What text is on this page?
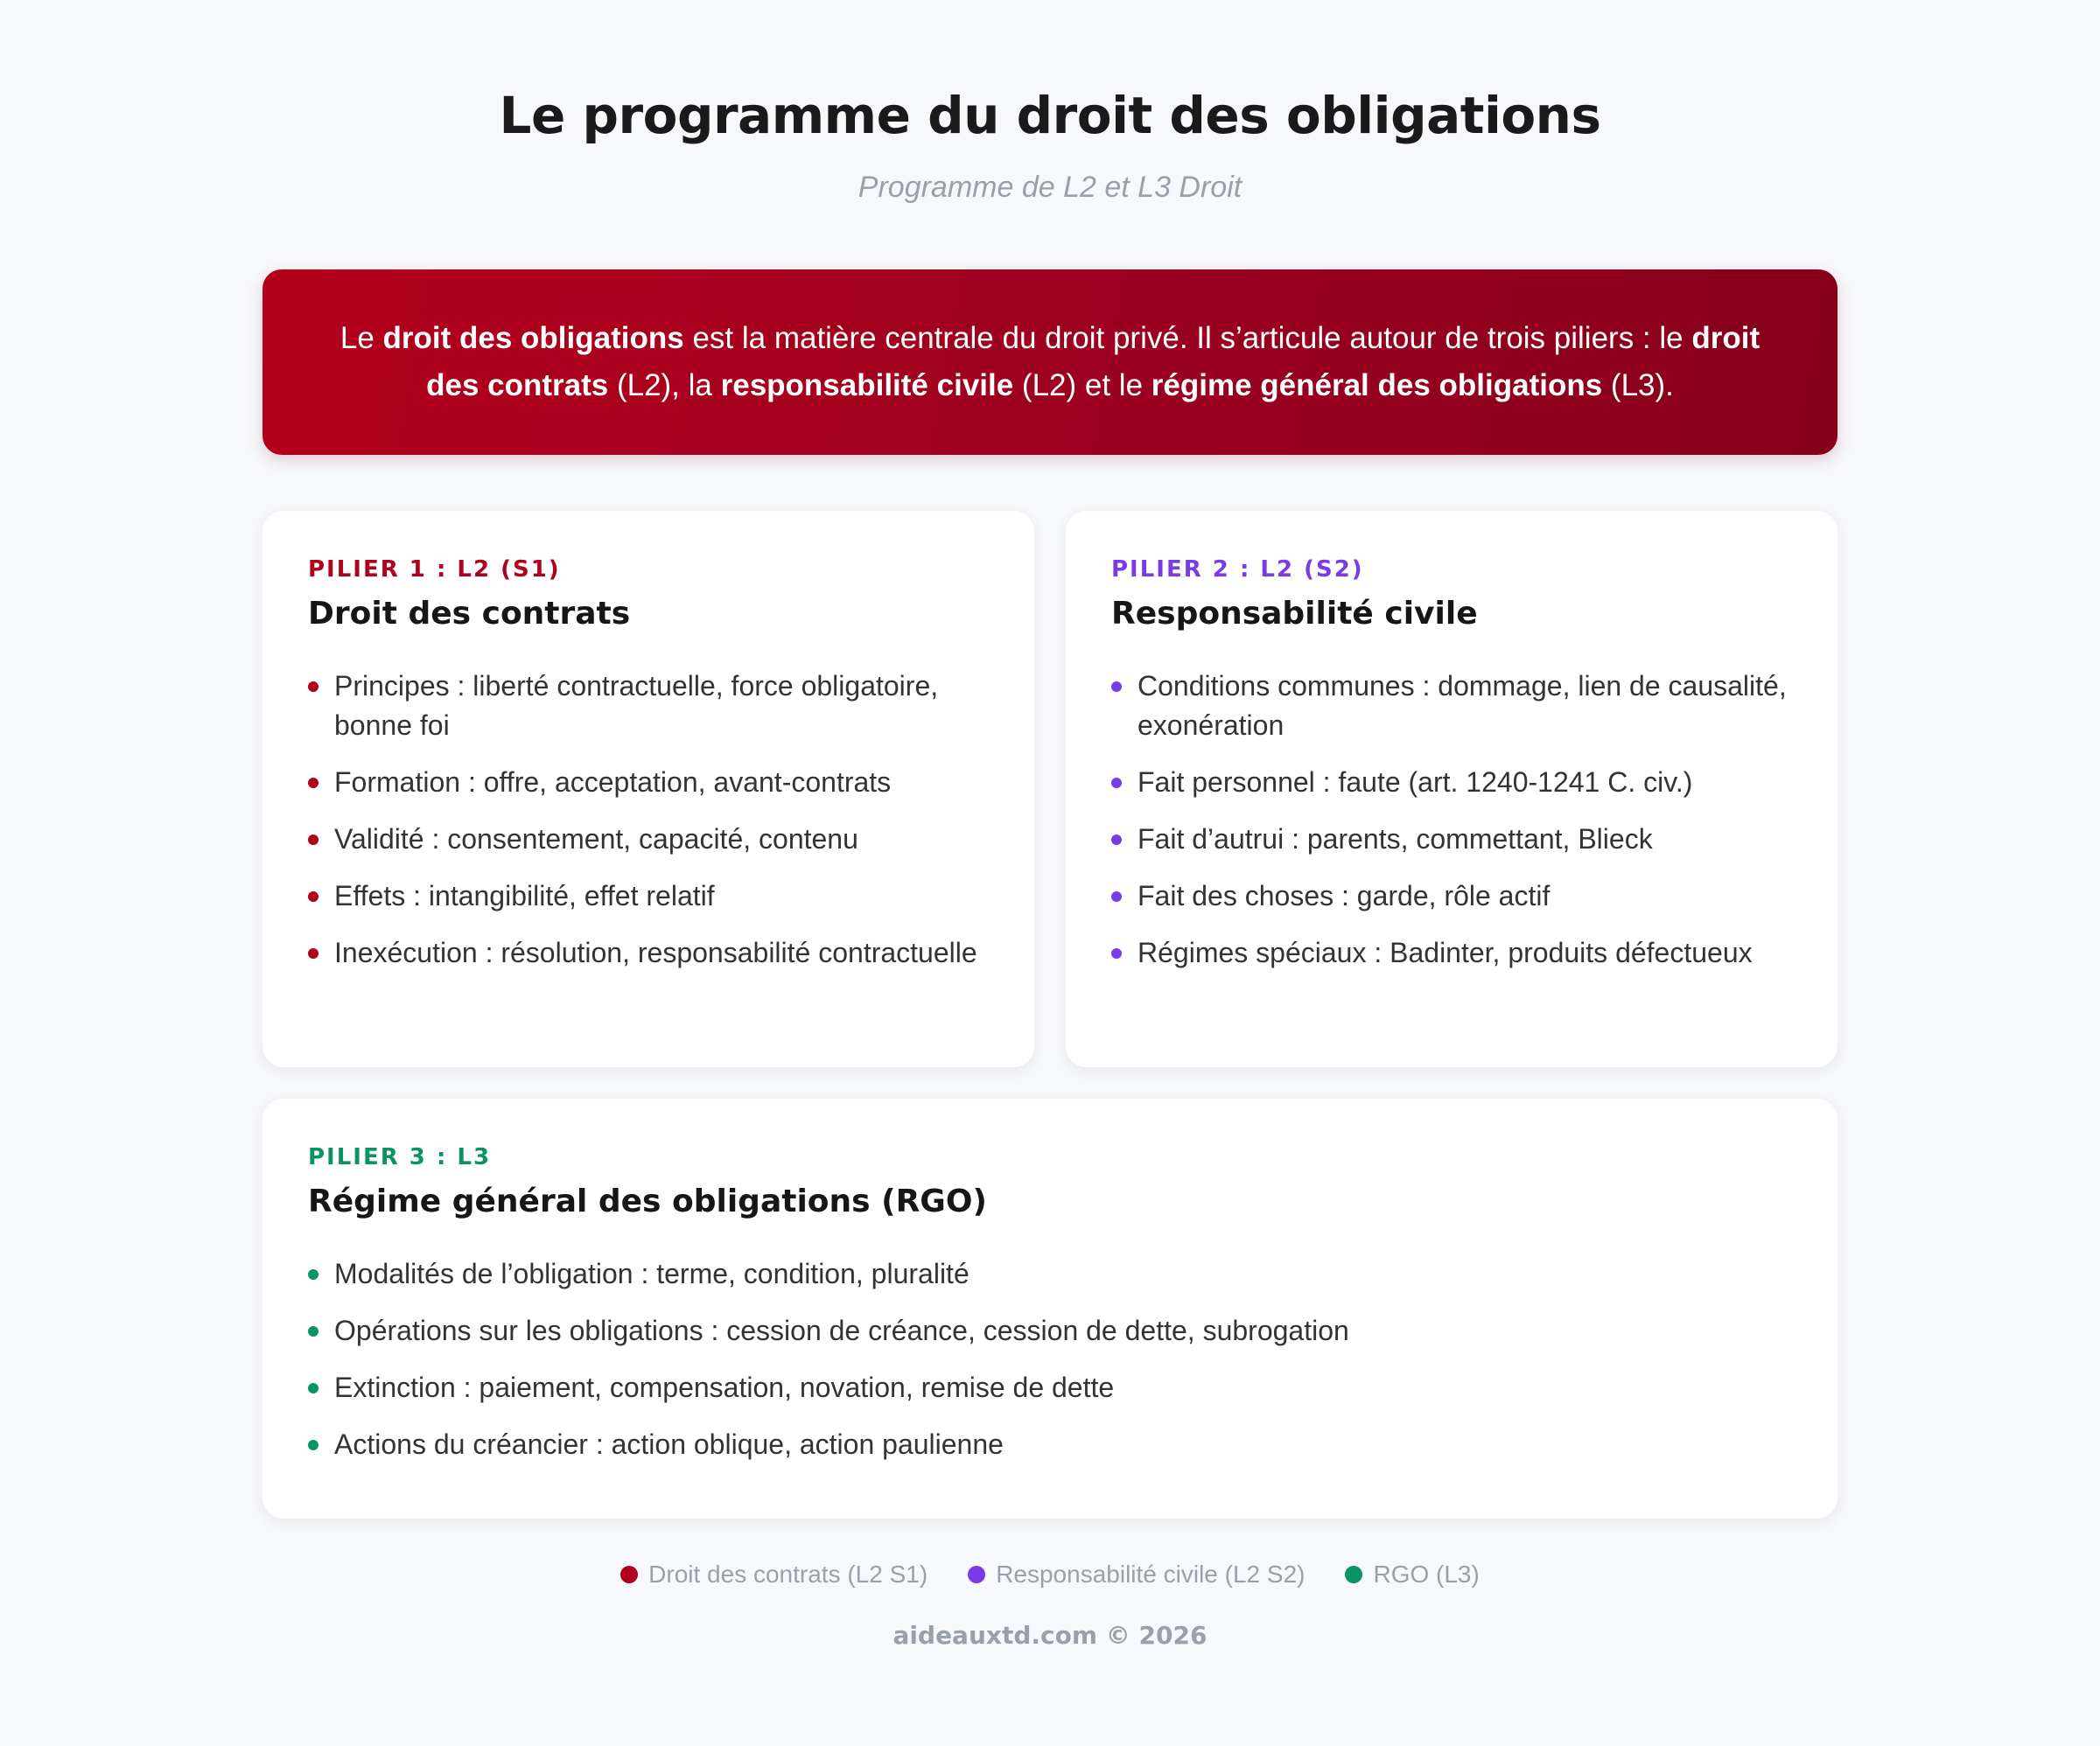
Le programme du droit des obligations
Programme de L2 et L3 Droit
Le droit des obligations est la matière centrale du droit privé. Il s’articule autour de trois piliers : le droit des contrats (L2), la responsabilité civile (L2) et le régime général des obligations (L3).
PILIER 1 : L2 (S1)
Droit des contrats
Principes : liberté contractuelle, force obligatoire, bonne foi
Formation : offre, acceptation, avant-contrats
Validité : consentement, capacité, contenu
Effets : intangibilité, effet relatif
Inexécution : résolution, responsabilité contractuelle
PILIER 2 : L2 (S2)
Responsabilité civile
Conditions communes : dommage, lien de causalité, exonération
Fait personnel : faute (art. 1240-1241 C. civ.)
Fait d’autrui : parents, commettant, Blieck
Fait des choses : garde, rôle actif
Régimes spéciaux : Badinter, produits défectueux
PILIER 3 : L3
Régime général des obligations (RGO)
Modalités de l’obligation : terme, condition, pluralité
Opérations sur les obligations : cession de créance, cession de dette, subrogation
Extinction : paiement, compensation, novation, remise de dette
Actions du créancier : action oblique, action paulienne
Droit des contrats (L2 S1)	Responsabilité civile (L2 S2)	RGO (L3)
aideauxtd.com © 2026
